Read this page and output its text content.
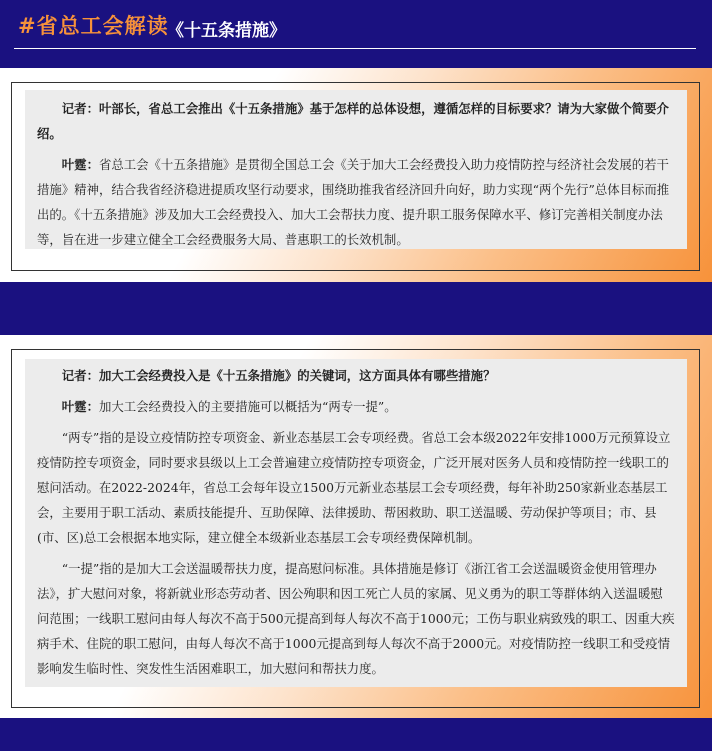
#省总工会解读
《十五条措施》

记者：叶部长，省总工会推出《十五条措施》基于怎样的总体设想，遵循怎样的目标要求？请为大家做个简要介绍。

叶霆：省总工会《十五条措施》是贯彻全国总工会《关于加大工会经费投入助力疫情防控与经济社会发展的若干措施》精神，结合我省经济稳进提质攻坚行动要求，围绕助推我省经济回升向好，助力实现“两个先行”总体目标而推出的。《十五条措施》涉及加大工会经费投入、加大工会帮扶力度、提升职工服务保障水平、修订完善相关制度办法等，旨在进一步建立健全工会经费服务大局、普惠职工的长效机制。

记者：加大工会经费投入是《十五条措施》的关键词，这方面具体有哪些措施？

叶霆：加大工会经费投入的主要措施可以概括为“两专一提”。

“两专”指的是设立疫情防控专项资金、新业态基层工会专项经费。省总工会本级2022年安排1000万元预算设立疫情防控专项资金，同时要求县级以上工会普遍建立疫情防控专项资金，广泛开展对医务人员和疫情防控一线职工的慰问活动。在2022-2024年，省总工会每年设立1500万元新业态基层工会专项经费，每年补助250家新业态基层工会，主要用于职工活动、素质技能提升、互助保障、法律援助、帮困救助、职工送温暖、劳动保护等项目；市、县(市、区)总工会根据本地实际，建立健全本级新业态基层工会专项经费保障机制。

“一提”指的是加大工会送温暖帮扶力度，提高慰问标准。具体措施是修订《浙江省工会送温暖资金使用管理办法》，扩大慰问对象，将新就业形态劳动者、因公殉职和因工死亡人员的家属、见义勇为的职工等群体纳入送温暖慰问范围；一线职工慰问由每人每次不高于500元提高到每人每次不高于1000元；工伤与职业病致残的职工、因重大疾病手术、住院的职工慰问，由每人每次不高于1000元提高到每人每次不高于2000元。对疫情防控一线职工和受疫情影响发生临时性、突发性生活困难职工，加大慰问和帮扶力度。
